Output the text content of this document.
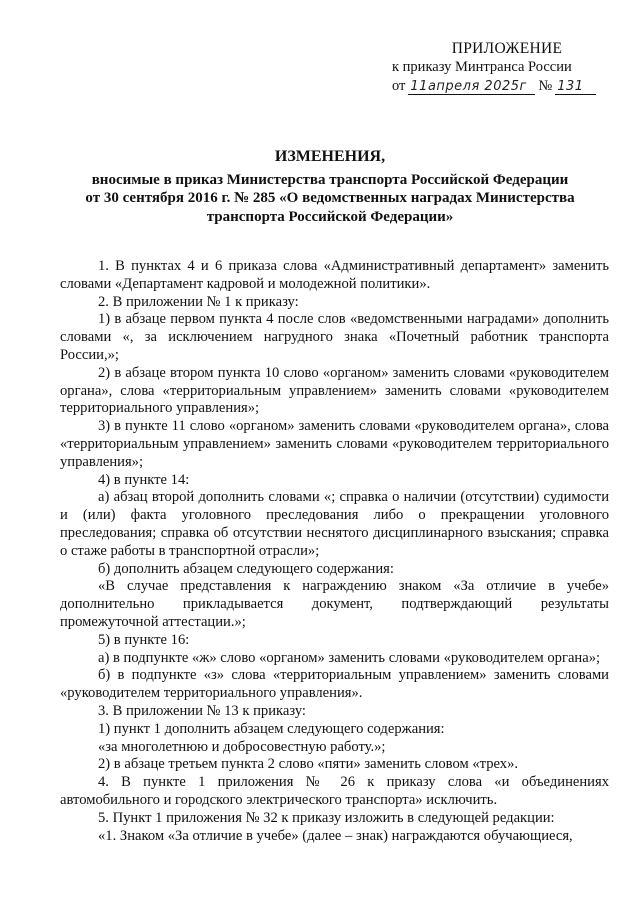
ПРИЛОЖЕНИЕ
к приказу Минтранса России
от 11апреля 2025г № 131
ИЗМЕНЕНИЯ,
вносимые в приказ Министерства транспорта Российской Федерации
от 30 сентября 2016 г. № 285 «О ведомственных наградах Министерства
транспорта Российской Федерации»

1. В пунктах 4 и 6 приказа слова «Административный департамент» заменить словами «Департамент кадровой и молодежной политики».

2. В приложении № 1 к приказу:

1) в абзаце первом пункта 4 после слов «ведомственными наградами» дополнить словами «, за исключением нагрудного знака «Почетный работник транспорта России,»;

2) в абзаце втором пункта 10 слово «органом» заменить словами «руководителем органа», слова «территориальным управлением» заменить словами «руководителем территориального управления»;

3) в пункте 11 слово «органом» заменить словами «руководителем органа», слова «территориальным управлением» заменить словами «руководителем территориального управления»;

4) в пункте 14:

а) абзац второй дополнить словами «; справка о наличии (отсутствии) судимости и (или) факта уголовного преследования либо о прекращении уголовного преследования; справка об отсутствии неснятого дисциплинарного взыскания; справка о стаже работы в транспортной отрасли»;

б) дополнить абзацем следующего содержания:

«В случае представления к награждению знаком «За отличие в учебе» дополнительно прикладывается документ, подтверждающий результаты промежуточной аттестации.»;

5) в пункте 16:

а) в подпункте «ж» слово «органом» заменить словами «руководителем органа»;

б) в подпункте «з» слова «территориальным управлением» заменить словами «руководителем территориального управления».

3. В приложении № 13 к приказу:

1) пункт 1 дополнить абзацем следующего содержания:

«за многолетнюю и добросовестную работу.»;

2) в абзаце третьем пункта 2 слово «пяти» заменить словом «трех».

4. В пункте 1 приложения № 26 к приказу слова «и объединениях автомобильного и городского электрического транспорта» исключить.

5. Пункт 1 приложения № 32 к приказу изложить в следующей редакции:

«1. Знаком «За отличие в учебе» (далее – знак) награждаются обучающиеся,
